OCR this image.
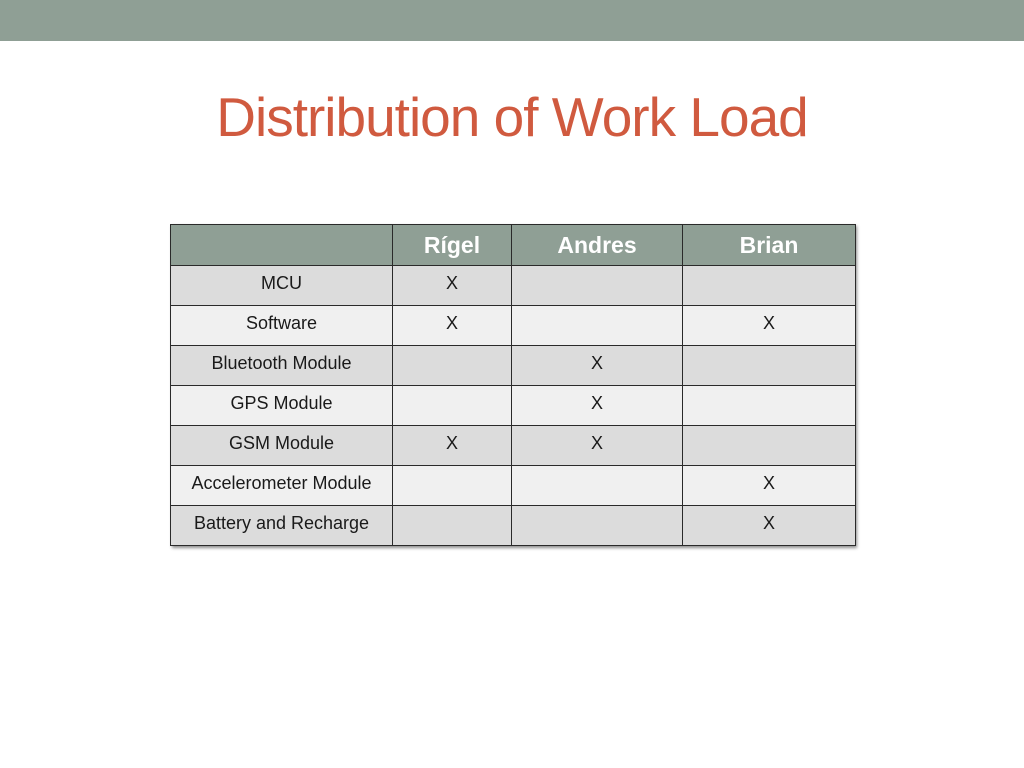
Distribution of Work Load
	Rígel	Andres	Brian
MCU	X		
Software	X		X
Bluetooth Module		X	
GPS Module		X	
GSM Module	X	X	
Accelerometer Module			X
Battery and Recharge			X
